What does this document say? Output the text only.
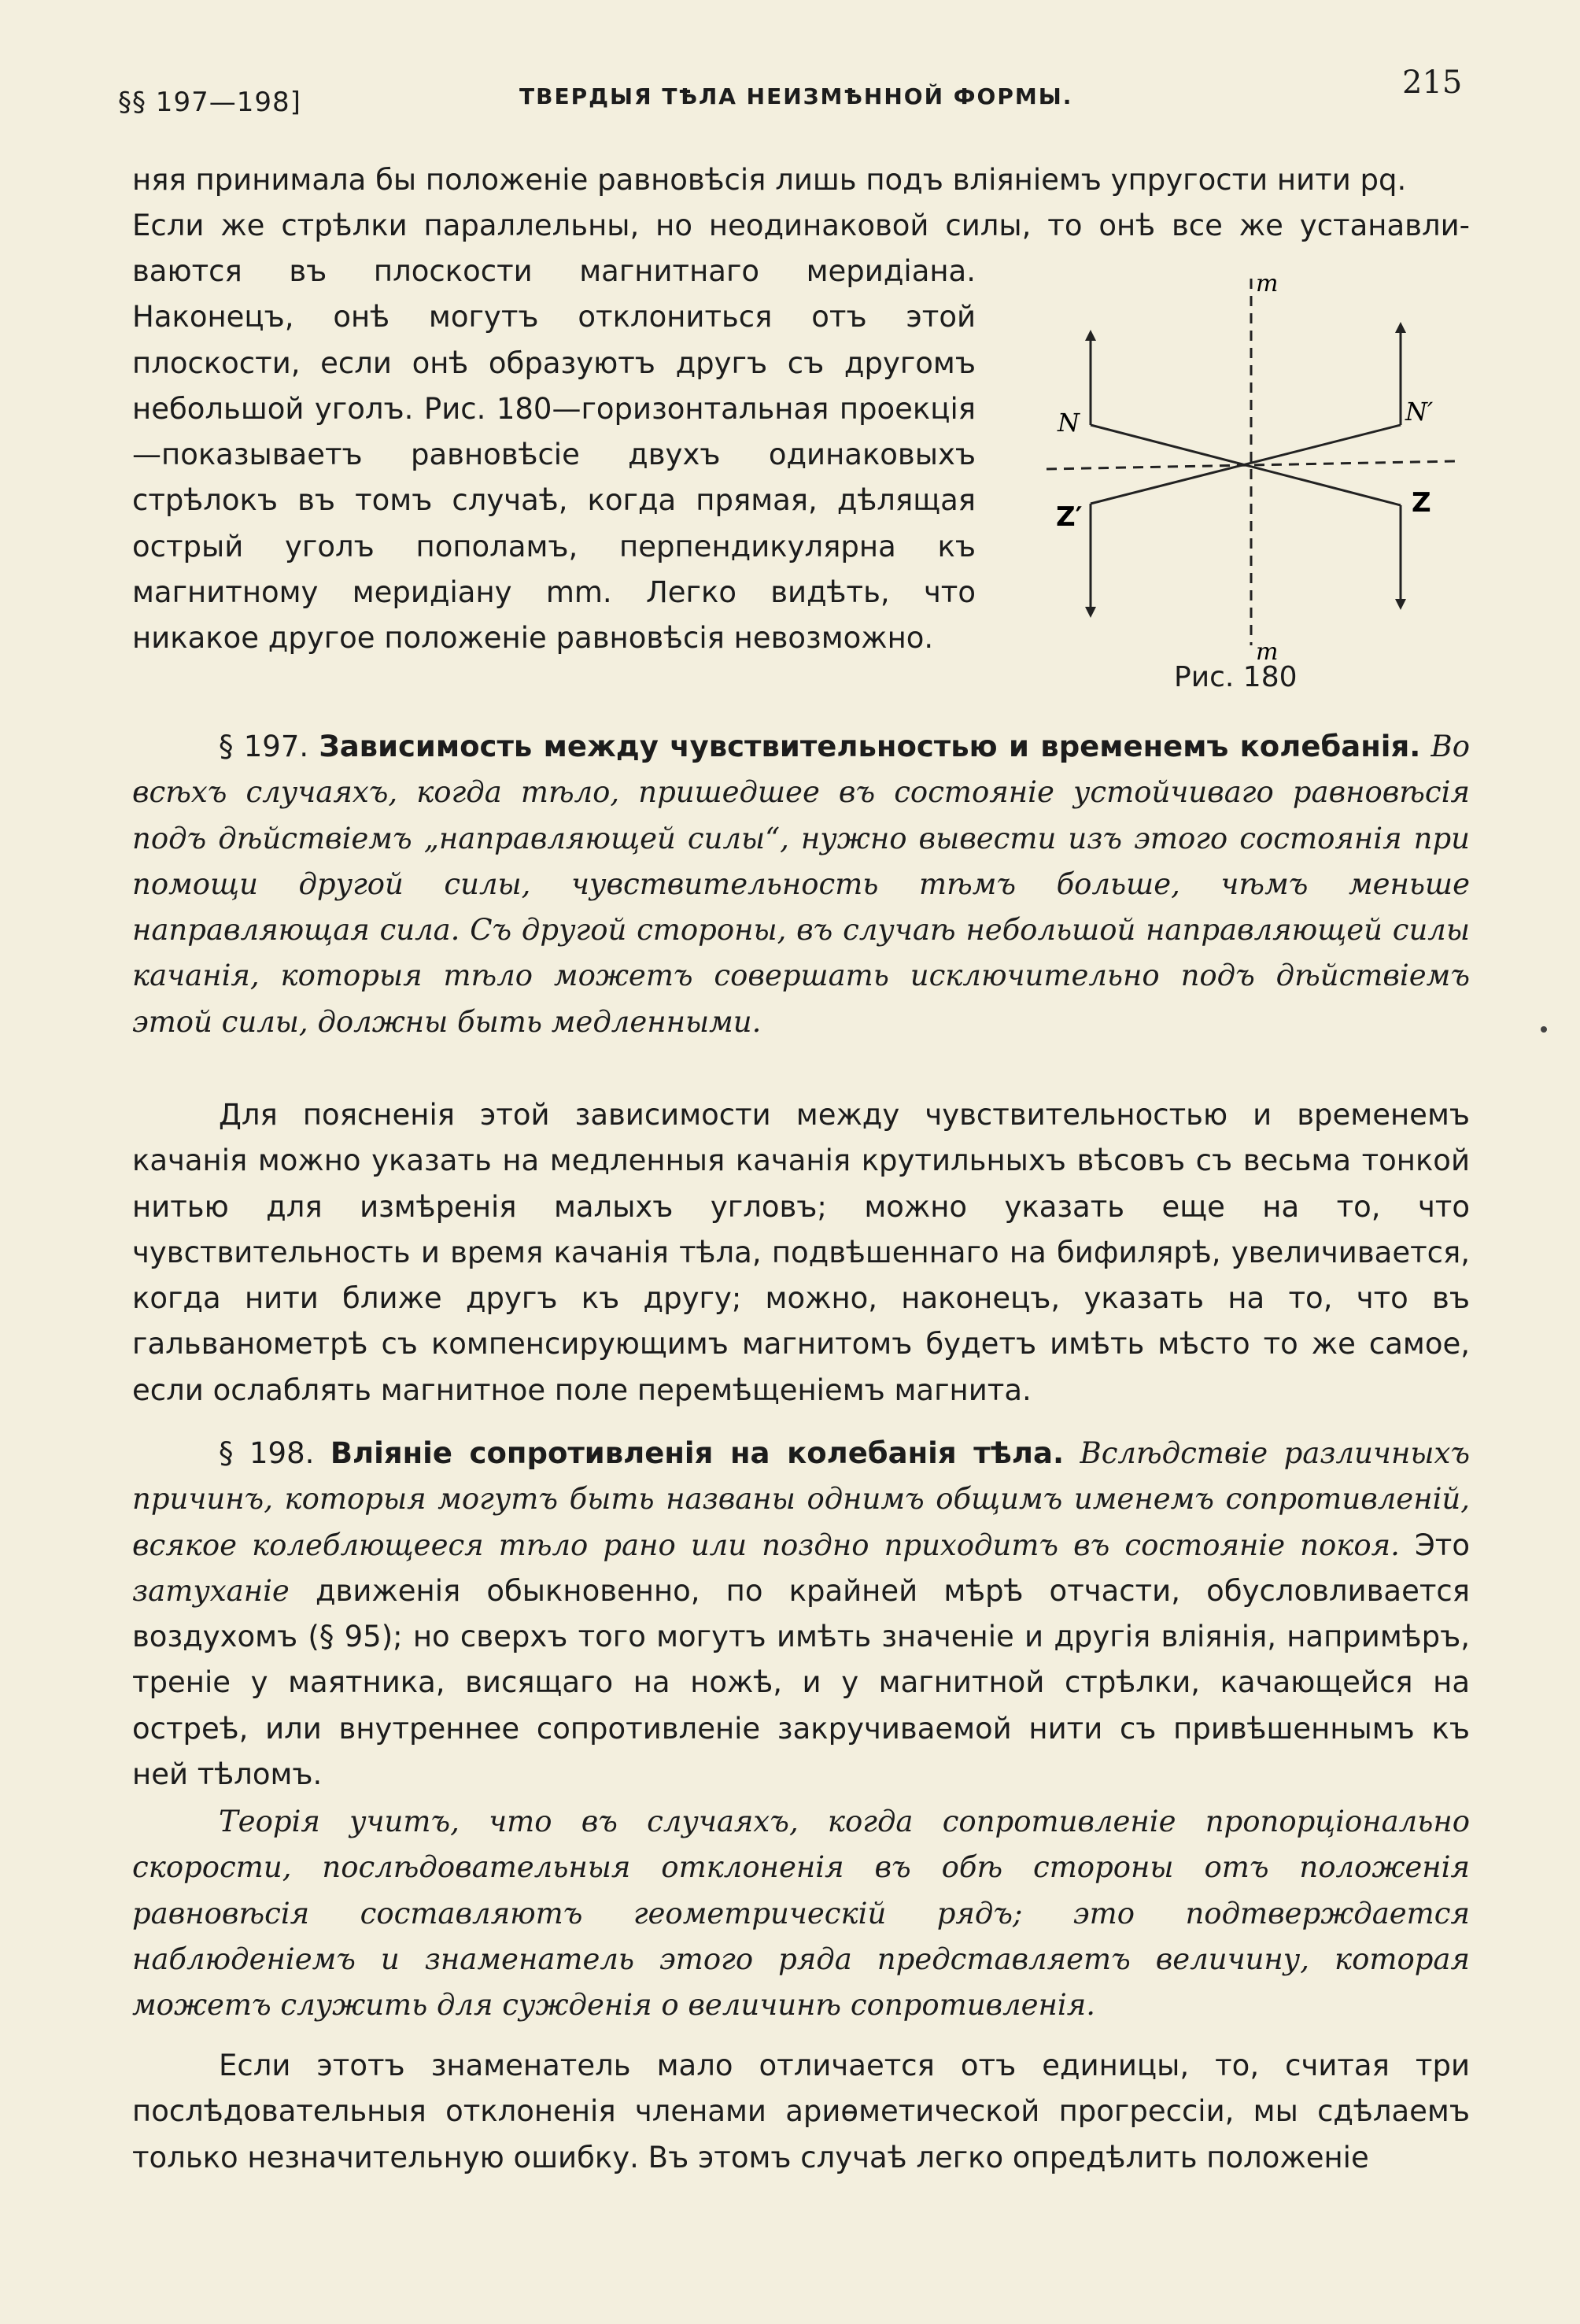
§§ 197—198]	ТВЕРДЫЯ ТѢЛА НЕИЗМѢННОЙ ФОРМЫ.	215
няя принимала бы положенiе равновѣсiя лишь подъ влiянiемъ упругости нити pq.
Если же стрѣлки параллельны, но неодинаковой силы, то онѣ все же устанавли-
ваются въ плоскости магнитнаго меридiана. Наконецъ, онѣ могутъ отклониться отъ этой плоскости, если онѣ образуютъ другъ съ другомъ небольшой уголъ. Рис. 180—горизонтальная проекцiя—показываетъ равновѣсiе двухъ одинаковыхъ стрѣлокъ въ томъ случаѣ, когда прямая, дѣлящая острый уголъ пополамъ, перпендикулярна къ магнитному меридiану mm. Легко видѣть, что никакое другое положенiе равновѣсiя невозможно.
m
m
N	N′
Z′	Z
Рис. 180
§ 197. Зависимость между чувствительностью и временемъ колебанiя. Во всѣхъ случаяхъ, когда тѣло, пришедшее въ состоянiе устойчиваго равновѣсiя подъ дѣйствiемъ „направляющей силы“, нужно вывести изъ этого состоянiя при помощи другой силы, чувствительность тѣмъ больше, чѣмъ меньше направляющая сила. Съ другой стороны, въ случаѣ небольшой направляющей силы качанiя, которыя тѣло можетъ совершать исключительно подъ дѣйствiемъ этой силы, должны быть медленными.
Для поясненiя этой зависимости между чувствительностью и временемъ качанiя можно указать на медленныя качанiя крутильныхъ вѣсовъ съ весьма тонкой нитью для измѣренiя малыхъ угловъ; можно указать еще на то, что чувствительность и время качанiя тѣла, подвѣшеннаго на бифилярѣ, увеличивается, когда нити ближе другъ къ другу; можно, наконецъ, указать на то, что въ гальванометрѣ съ компенсирующимъ магнитомъ будетъ имѣть мѣсто то же самое, если ослаблять магнитное поле перемѣщенiемъ магнита.
§ 198. Влiянiе сопротивленiя на колебанiя тѣла. Вслѣдствiе различныхъ причинъ, которыя могутъ быть названы однимъ общимъ именемъ сопротивленiй, всякое колеблющееся тѣло рано или поздно приходитъ въ состоянiе покоя. Это затуханiе движенiя обыкновенно, по крайней мѣрѣ отчасти, обусловливается воздухомъ (§ 95); но сверхъ того могутъ имѣть значенiе и другiя влiянiя, напримѣръ, тренiе у маятника, висящаго на ножѣ, и у магнитной стрѣлки, качающейся на остреѣ, или внутреннее сопротивленiе закручиваемой нити съ привѣшеннымъ къ ней тѣломъ.
Теорiя учитъ, что въ случаяхъ, когда сопротивленiе пропорцiонально скорости, послѣдовательныя отклоненiя въ обѣ стороны отъ положенiя равновѣсiя составляютъ геометрическiй рядъ; это подтверждается наблюденiемъ и знаменатель этого ряда представляетъ величину, которая можетъ служить для сужденiя о величинѣ сопротивленiя.
Если этотъ знаменатель мало отличается отъ единицы, то, считая три послѣдовательныя отклоненiя членами ариѳметической прогрессiи, мы сдѣлаемъ только незначительную ошибку. Въ этомъ случаѣ легко опредѣлить положенiе
